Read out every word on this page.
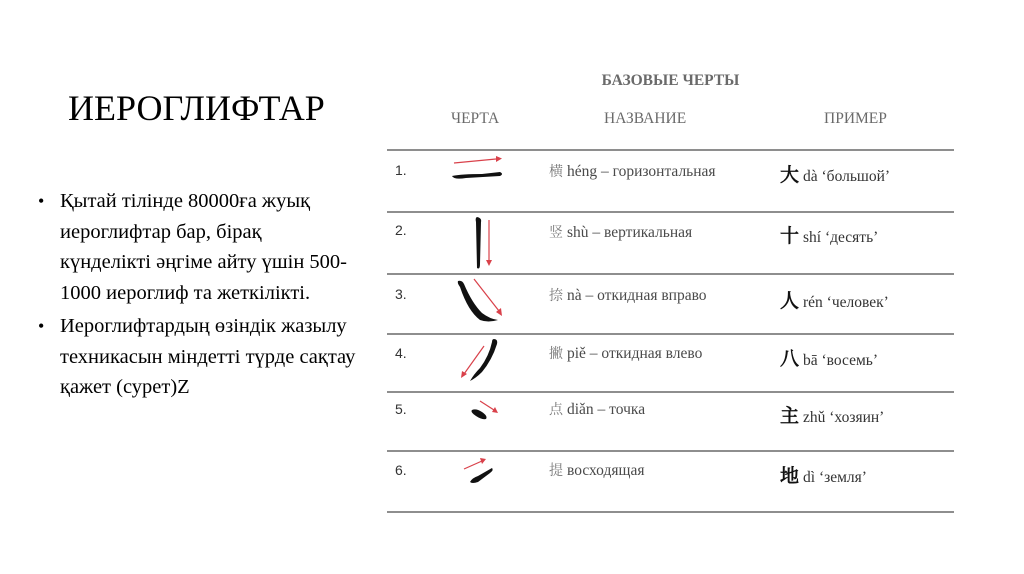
ИЕРОГЛИФТАР
• Қытай тілінде 80000ға жуық иероглифтар бар, бірақ күнделікті әңгіме айту үшін 500-1000 иероглиф та жеткілікті.
• Иероглифтардың өзіндік жазылу техникасын міндетті түрде сақтау қажет (сурет)Z
БАЗОВЫЕ ЧЕРТЫ
ЧЕРТА	НАЗВАНИЕ	ПРИМЕР
1.	横 héng – горизонтальная	大 dà ‘большой’
2.	竖 shù – вертикальная	十 shí ‘десять’
3.	捺 nà – откидная вправо	人 rén ‘человек’
4.	撇 piě – откидная влево	八 bā ‘восемь’
5.	点 diǎn – точка	主 zhǔ ‘хозяин’
6.	提 восходящая	地 dì ‘земля’
